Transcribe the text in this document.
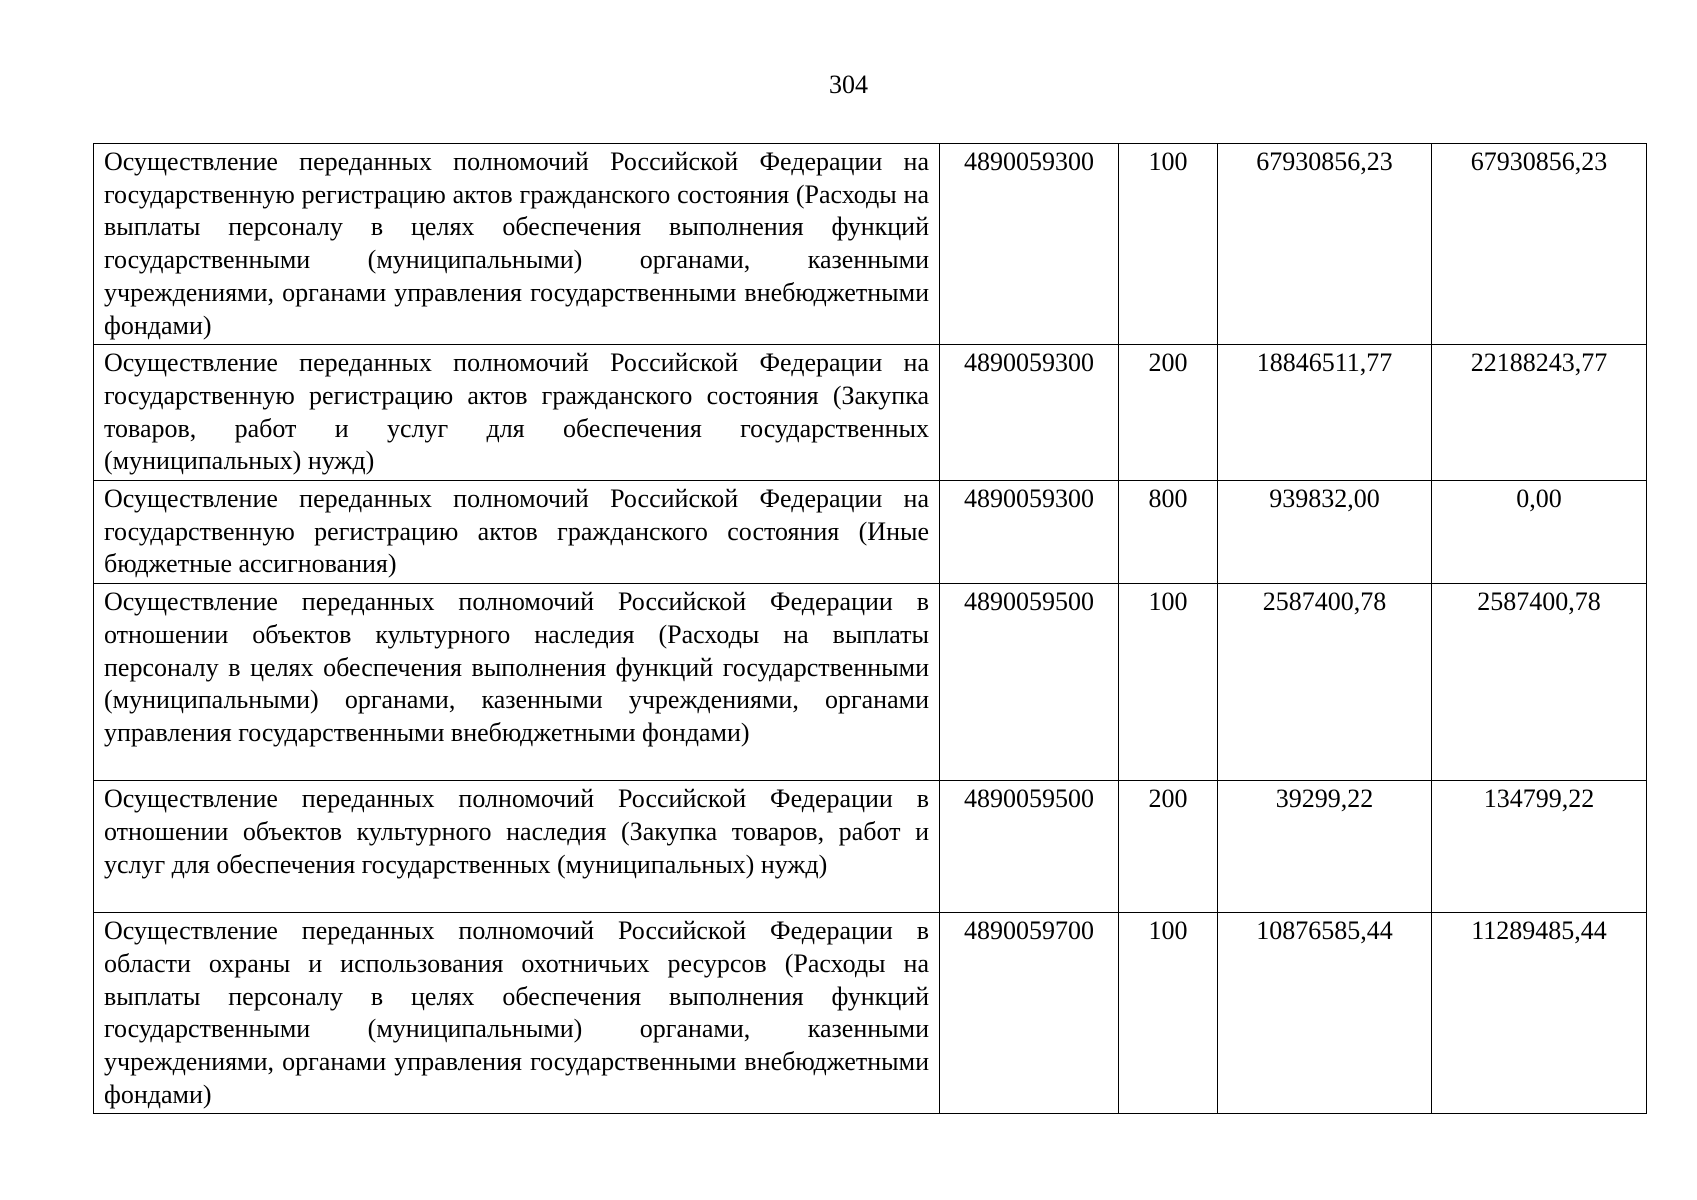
304
Осуществление переданных полномочий Российской Федерации на государственную регистрацию актов гражданского состояния (Расходы на выплаты персоналу в целях обеспечения выполнения функций государственными (муниципальными) органами, казенными учреждениями, органами управления государственными внебюджетными фондами)	4890059300	100	67930856,23	67930856,23
Осуществление переданных полномочий Российской Федерации на государственную регистрацию актов гражданского состояния (Закупка товаров, работ и услуг для обеспечения государственных (муниципальных) нужд)	4890059300	200	18846511,77	22188243,77
Осуществление переданных полномочий Российской Федерации на государственную регистрацию актов гражданского состояния (Иные бюджетные ассигнования)	4890059300	800	939832,00	0,00
Осуществление переданных полномочий Российской Федерации в отношении объектов культурного наследия (Расходы на выплаты персоналу в целях обеспечения выполнения функций государственными (муниципальными) органами, казенными учреждениями, органами управления государственными внебюджетными фондами)	4890059500	100	2587400,78	2587400,78
Осуществление переданных полномочий Российской Федерации в отношении объектов культурного наследия (Закупка товаров, работ и услуг для обеспечения государственных (муниципальных) нужд)	4890059500	200	39299,22	134799,22
Осуществление переданных полномочий Российской Федерации в области охраны и использования охотничьих ресурсов (Расходы на выплаты персоналу в целях обеспечения выполнения функций государственными (муниципальными) органами, казенными учреждениями, органами управления государственными внебюджетными фондами)	4890059700	100	10876585,44	11289485,44
